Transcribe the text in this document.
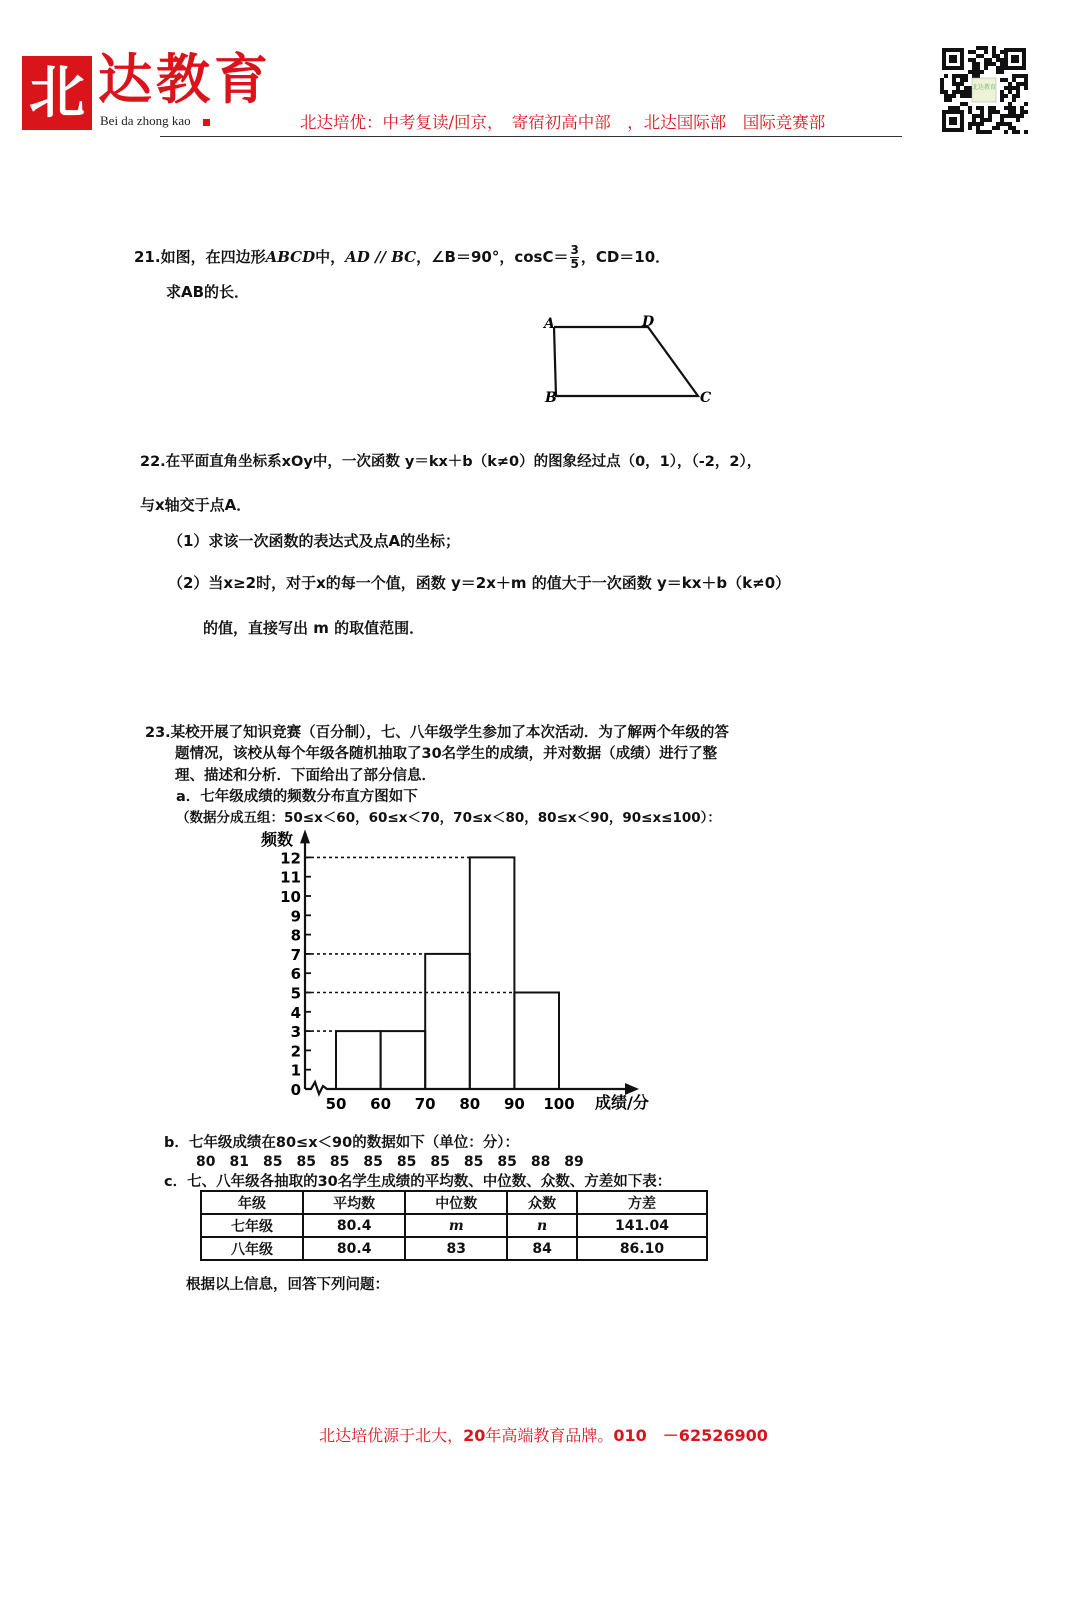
北 达教育
Bei da zhong kao	北达培优：中考复读/回京，　寄宿初高中部　，北达国际部　国际竞赛部
北达教育
21.如图，在四边形ABCD中，AD // BC，∠B＝90°，$\cos C= \frac{3}{5}$ ，CD＝10．
求AB的长．
A	D
B	C
22.在平面直角坐标系xOy中，一次函数 y＝kx＋b（k≠0）的图象经过点（0，1），（-2，2），
与x轴交于点A．
（1）求该一次函数的表达式及点A的坐标；
（2）当x≥2时，对于x的每一个值，函数 y＝2x＋m 的值大于一次函数 y＝kx＋b（k≠0）
的值，直接写出 m 的取值范围．
23.某校开展了知识竞赛（百分制），七、八年级学生参加了本次活动．为了解两个年级的答
题情况，该校从每个年级各随机抽取了30名学生的成绩，并对数据（成绩）进行了整
理、描述和分析．下面给出了部分信息．
a．七年级成绩的频数分布直方图如下
（数据分成五组：50≤x＜60，60≤x＜70，70≤x＜80，80≤x＜90，90≤x≤100）：
频数
成绩/分
0
1
2
3
4
5
6
7
8
9
10
11
12
50 60 70 80 90 100
b．七年级成绩在80≤x＜90的数据如下（单位：分）：
80　81　85　85　85　85　85　85　85　85　88　89
c．七、八年级各抽取的30名学生成绩的平均数、中位数、众数、方差如下表：
年级	平均数	中位数	众数	方差
七年级	80.4	m	n	141.04
八年级	80.4	83	84	86.10
根据以上信息，回答下列问题：
北达培优源于北大，20年高端教育品牌。010　－62526900
